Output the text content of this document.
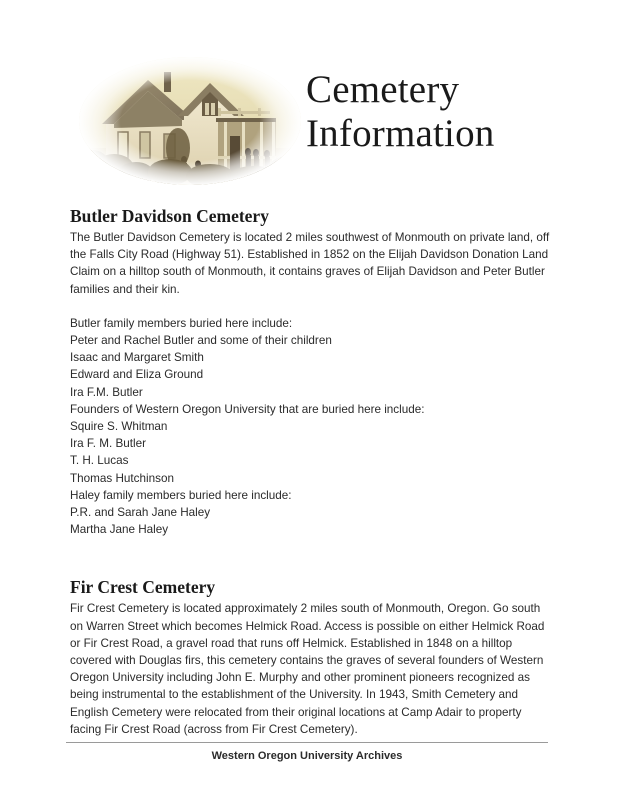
Cemetery
Information
Butler Davidson Cemetery

The Butler Davidson Cemetery is located 2 miles southwest of Monmouth on private land, off the Falls City Road (Highway 51). Established in 1852 on the Elijah Davidson Donation Land Claim on a hilltop south of Monmouth, it contains graves of Elijah Davidson and Peter Butler families and their kin.

Butler family members buried here include:
Peter and Rachel Butler and some of their children
Isaac and Margaret Smith
Edward and Eliza Ground
Ira F.M. Butler
Founders of Western Oregon University that are buried here include:
Squire S. Whitman
Ira F. M. Butler
T. H. Lucas
Thomas Hutchinson
Haley family members buried here include:
P.R. and Sarah Jane Haley
Martha Jane Haley
Fir Crest Cemetery

Fir Crest Cemetery is located approximately 2 miles south of Monmouth, Oregon. Go south on Warren Street which becomes Helmick Road. Access is possible on either Helmick Road or Fir Crest Road, a gravel road that runs off Helmick. Established in 1848 on a hilltop covered with Douglas firs, this cemetery contains the graves of several founders of Western Oregon University including John E. Murphy and other prominent pioneers recognized as being instrumental to the establishment of the University. In 1943, Smith Cemetery and English Cemetery were relocated from their original locations at Camp Adair to property facing Fir Crest Road (across from Fir Crest Cemetery).

Western Oregon University Archives
